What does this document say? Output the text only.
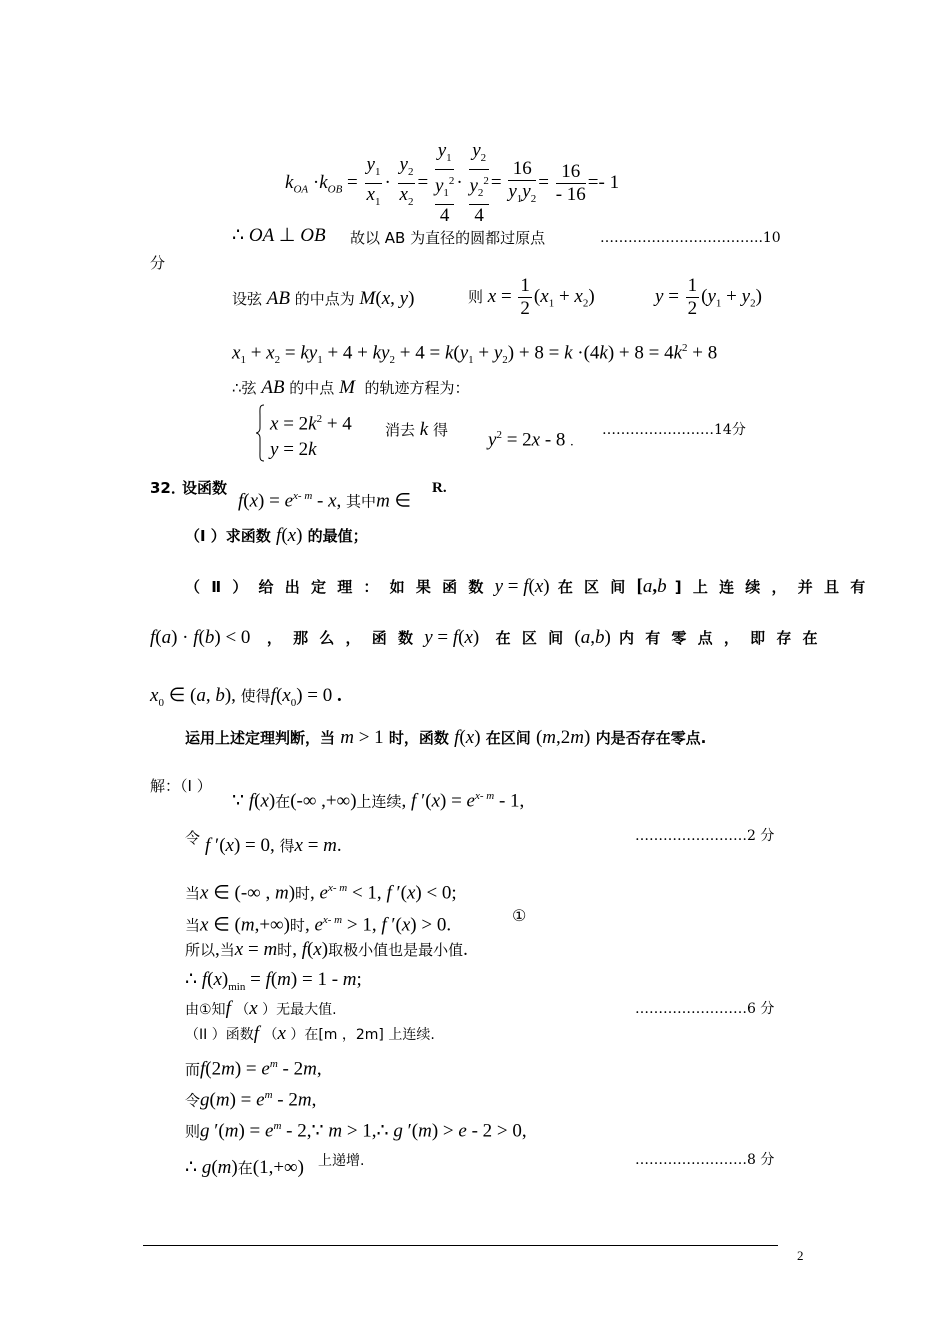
$k_{OA} \cdot k_{OB} = \frac{y_1}{x_1} \cdot \frac{y_2}{x_2}$ =
$y_1$
$y_1^2$
4
·
$y_2$
$y_2^2$
4
= $\frac{16}{y_1y_2} = \frac{16}{- 16} =- 1$
∴ OA ⊥ OB 故以 AB 为直径的圆都过原点	……………………………..10
分
设弦 AB 的中点为 M(x, y)	则 $x = \frac{1}{2} (x_1 + x_2)$	$y = \frac{1}{2} (y_1 + y_2)$
$x_1 + x_2 = ky_1 + 4 + ky_2 + 4 = k(y_1 + y_2) + 8 = k \cdot(4k) + 8 = 4k^2 + 8$
∴弦 AB 的中点 M  的轨迹方程为：
$x = 2k^2 + 4$
y = 2k
消去 k 得 $y^2 = 2x - 8$ .
……………………14分
32．
设函数
$f(x) = e^{x- m} - x$, 其中m ∈
R.
（I ）求函数 f(x) 的最值；
（ Ⅱ ） 给 出 定 理 ： 如 果 函 数 y = f(x) 在 区 间 [a,b ] 上 连 续 ， 并 且 有
f(a) · f(b) < 0  ， 那 么 ， 函 数 y = f(x)  在 区 间 (a,b) 内 有 零 点 ， 即 存 在
$x_0$ ∈ (a, b), 使得$f(x_0) = 0$ .
运用上述定理判断，当 m > 1 时，函数 f(x) 在区间 (m,2m) 内是否存在零点.
解：（I ）
∵ f(x)在(-∞ ,+∞)上连续, f $'(x) = e^{x- m} - 1$,
令 f ′(x) = 0, 得x = m.	……………………2 分
当x ∈ (-∞ , m)时, $e^{x- m} < 1$, f ′(x) < 0;
当x ∈ (m,+∞)时, $e^{x- m} > 1$, f ′(x) > 0.	①
所以,当x = m时, f(x)取极小值也是最小值.
∴ $f(x)_{min} = f(m) = 1 - m$;
由①知f （x ）无最大值.	……………………6 分
（II ）函数f （x ）在[m ，2m] 上连续.
而$f(2m) = e^m - 2m$,
令$g(m) = e^m - 2m$,
则g $'(m) = e^m$ - 2,∵ m > 1,∴ g ′(m) > e - 2 > 0,
∴ g(m)在(1,+∞) 上递增.	……………………8 分
2
